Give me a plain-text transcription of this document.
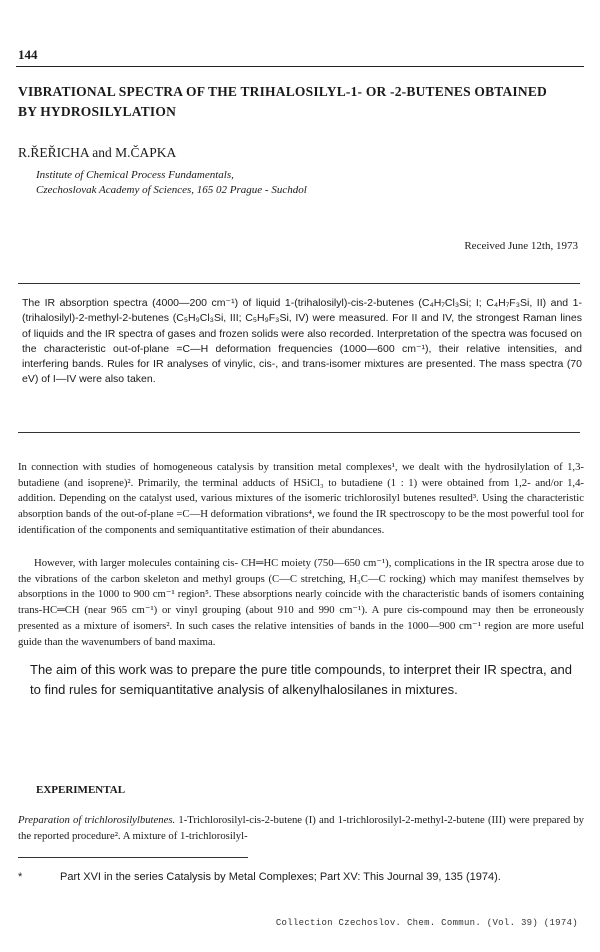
144
VIBRATIONAL SPECTRA OF THE TRIHALOSILYL-1- OR -2-BUTENES OBTAINED BY HYDROSILYLATION
R.ŘEŘICHA and M.ČAPKA
Institute of Chemical Process Fundamentals,
Czechoslovak Academy of Sciences, 165 02 Prague - Suchdol
Received June 12th, 1973

The IR absorption spectra (4000—200 cm⁻¹) of liquid 1-(trihalosilyl)-cis-2-butenes (C₄H₇Cl₃Si; I; C₄H₇F₃Si, II) and 1-(trihalosilyl)-2-methyl-2-butenes (C₅H₉Cl₃Si, III; C₅H₉F₃Si, IV) were measured. For II and IV, the strongest Raman lines of liquids and the IR spectra of gases and frozen solids were also recorded. Interpretation of the spectra was focused on the characteristic out-of-plane =C—H deformation frequencies (1000—600 cm⁻¹), their relative intensities, and interfering bands. Rules for IR analyses of vinylic, cis-, and trans-isomer mixtures are presented. The mass spectra (70 eV) of I—IV were also taken.

In connection with studies of homogeneous catalysis by transition metal complexes¹, we dealt with the hydrosilylation of 1,3-butadiene (and isoprene)². Primarily, the terminal adducts of HSiCl₃ to butadiene (1 : 1) were obtained from 1,2- and/or 1,4-addition. Depending on the catalyst used, various mixtures of the isomeric trichlorosilyl butenes resulted³. Using the characteristic absorption bands of the out-of-plane =C—H deformation vibrations⁴, we found the IR spectroscopy to be the most powerful tool for identification of the components and semiquantitative estimation of their abundances.

However, with larger molecules containing cis- CH═HC moiety (750—650 cm⁻¹), complications in the IR spectra arose due to the vibrations of the carbon skeleton and methyl groups (C—C stretching, H₃C—C rocking) which may manifest themselves by absorptions in the 1000 to 900 cm⁻¹ region⁵. These absorptions nearly coincide with the characteristic bands of isomers containing trans-HC═CH (near 965 cm⁻¹) or vinyl grouping (about 910 and 990 cm⁻¹). A pure cis-compound may then be erroneously presented as a mixture of isomers². In such cases the relative intensities of bands in the 1000—900 cm⁻¹ region are more useful guide than the wavenumbers of band maxima.

The aim of this work was to prepare the pure title compounds, to interpret their IR spectra, and to find rules for semiquantitative analysis of alkenylhalosilanes in mixtures.

EXPERIMENTAL

Preparation of trichlorosilylbutenes. 1-Trichlorosilyl-cis-2-butene (I) and 1-trichlorosilyl-2-methyl-2-butene (III) were prepared by the reported procedure². A mixture of 1-trichlorosilyl-

*	Part XVI in the series Catalysis by Metal Complexes; Part XV: This Journal 39, 135 (1974).
Collection Czechoslov. Chem. Commun. (Vol. 39) (1974)
